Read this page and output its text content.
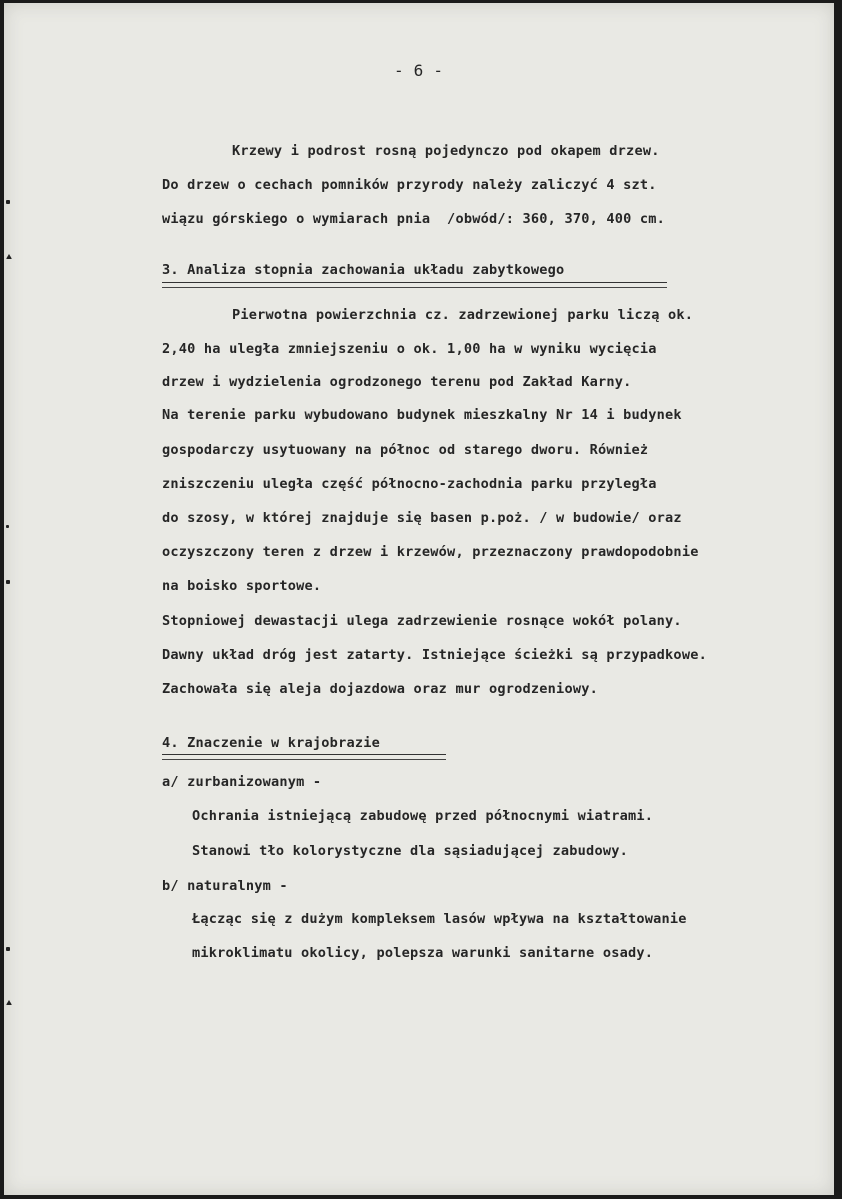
- 6 -
Krzewy i podrost rosną pojedynczo pod okapem drzew.
Do drzew o cechach pomników przyrody należy zaliczyć 4 szt.
wiązu górskiego o wymiarach pnia  /obwód/: 360, 370, 400 cm.
3. Analiza stopnia zachowania układu zabytkowego
Pierwotna powierzchnia cz. zadrzewionej parku liczą ok.
2,40 ha uległa zmniejszeniu o ok. 1,00 ha w wyniku wycięcia
drzew i wydzielenia ogrodzonego terenu pod Zakład Karny.
Na terenie parku wybudowano budynek mieszkalny Nr 14 i budynek
gospodarczy usytuowany na północ od starego dworu. Również
zniszczeniu uległa część północno-zachodnia parku przyległa
do szosy, w której znajduje się basen p.poż. / w budowie/ oraz
oczyszczony teren z drzew i krzewów, przeznaczony prawdopodobnie
na boisko sportowe.
Stopniowej dewastacji ulega zadrzewienie rosnące wokół polany.
Dawny układ dróg jest zatarty. Istniejące ścieżki są przypadkowe.
Zachowała się aleja dojazdowa oraz mur ogrodzeniowy.
4. Znaczenie w krajobrazie
a/ zurbanizowanym -
Ochrania istniejącą zabudowę przed północnymi wiatrami.
Stanowi tło kolorystyczne dla sąsiadującej zabudowy.
b/ naturalnym -
Łącząc się z dużym kompleksem lasów wpływa na kształtowanie
mikroklimatu okolicy, polepsza warunki sanitarne osady.
